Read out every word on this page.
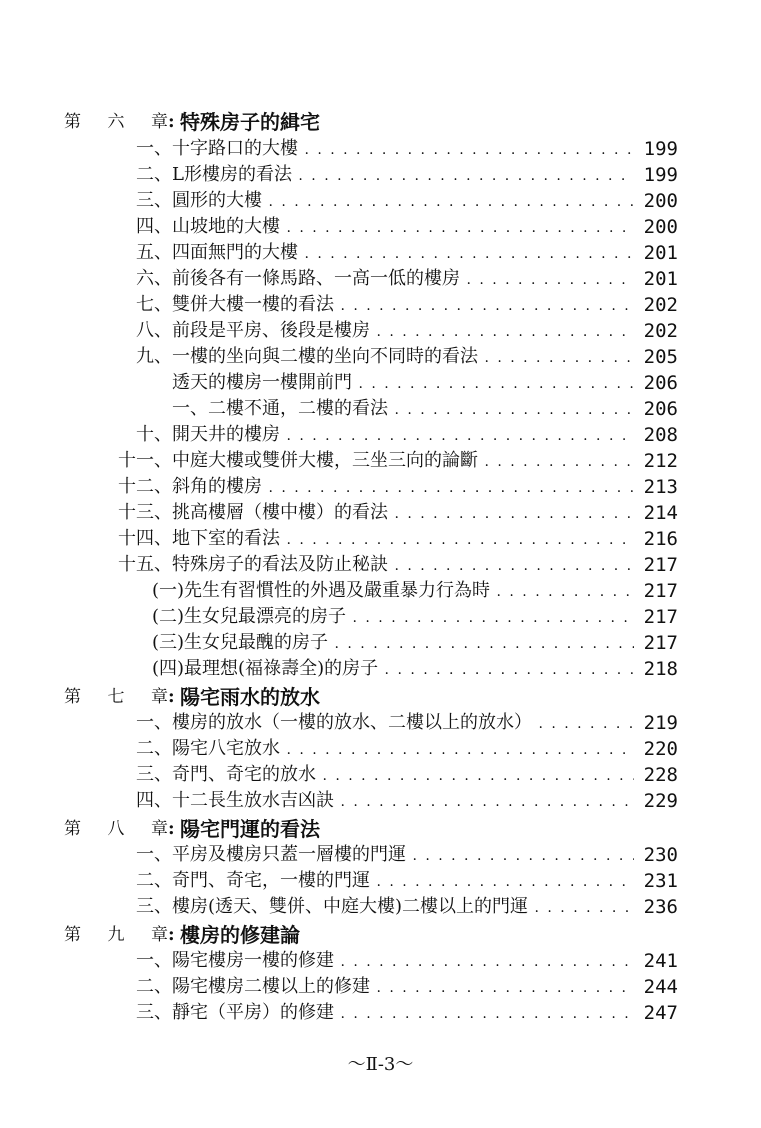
第 六 章 : 特殊房子的緝宅
一、 十字路口的大樓 . . .	199
二、 L形樓房的看法 . . .	199
三、 圓形的大樓 . . .	200
四、 山坡地的大樓 . . .	200
五、 四面無門的大樓 . . .	201
六、 前後各有一條馬路、一高一低的樓房 . . .	201
七、 雙併大樓一樓的看法 . . .	202
八、 前段是平房、後段是樓房 . . .	202
九、 一樓的坐向與二樓的坐向不同時的看法 . . .	205
透天的樓房一樓開前門 . . .	206
一、二樓不通，二樓的看法 . . .	206
十、 開天井的樓房 . . .	208
十一、 中庭大樓或雙併大樓，三坐三向的論斷 . . .	212
十二、 斜角的樓房 . . .	213
十三、 挑高樓層（樓中樓）的看法 . . .	214
十四、 地下室的看法 . . .	216
十五、 特殊房子的看法及防止秘訣 . . .	217
(一)先生有習慣性的外遇及嚴重暴力行為時 . . .	217
(二)生女兒最漂亮的房子 . . .	217
(三)生女兒最醜的房子 . . .	217
(四)最理想(福祿壽全)的房子 . . .	218
第 七 章 : 陽宅雨水的放水
一、 樓房的放水（一樓的放水、二樓以上的放水） . . .	219
二、 陽宅八宅放水 . . .	220
三、 奇門、奇宅的放水 . . .	228
四、 十二長生放水吉凶訣 . . .	229
第 八 章 : 陽宅門運的看法
一、 平房及樓房只蓋一層樓的門運 . . .	230
二、 奇門、奇宅，一樓的門運 . . .	231
三、 樓房(透天、雙併、中庭大樓)二樓以上的門運 . . .	236
第 九 章 : 樓房的修建論
一、 陽宅樓房一樓的修建 . . .	241
二、 陽宅樓房二樓以上的修建 . . .	244
三、 靜宅（平房）的修建 . . .	247
～Ⅱ-3～
